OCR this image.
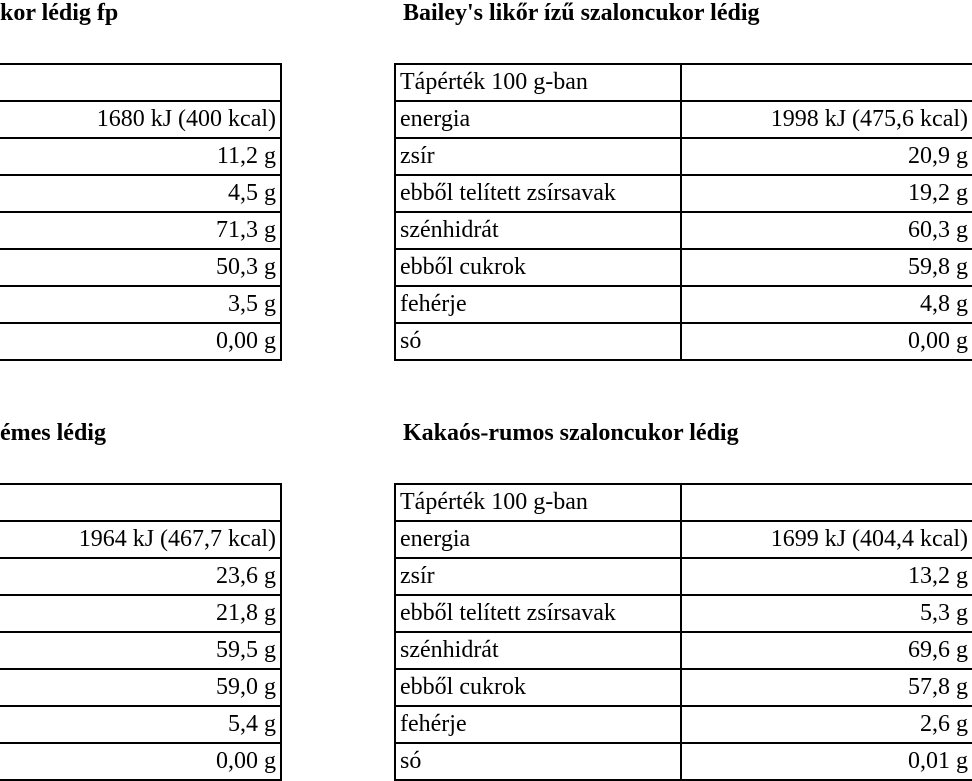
kor lédig fp	Bailey's likőr ízű szaloncukor lédig

1680 kJ (400 kcal)
11,2 g
4,5 g
71,3 g
50,3 g
3,5 g
0,00 g
Tápérték 100 g-ban	
energia	1998 kJ (475,6 kcal)
zsír	20,9 g
ebből telített zsírsavak	19,2 g
szénhidrát	60,3 g
ebből cukrok	59,8 g
fehérje	4,8 g
só	0,00 g
émes lédig	Kakaós-rumos szaloncukor lédig

1964 kJ (467,7 kcal)
23,6 g
21,8 g
59,5 g
59,0 g
5,4 g
0,00 g
Tápérték 100 g-ban	
energia	1699 kJ (404,4 kcal)
zsír	13,2 g
ebből telített zsírsavak	5,3 g
szénhidrát	69,6 g
ebből cukrok	57,8 g
fehérje	2,6 g
só	0,01 g
